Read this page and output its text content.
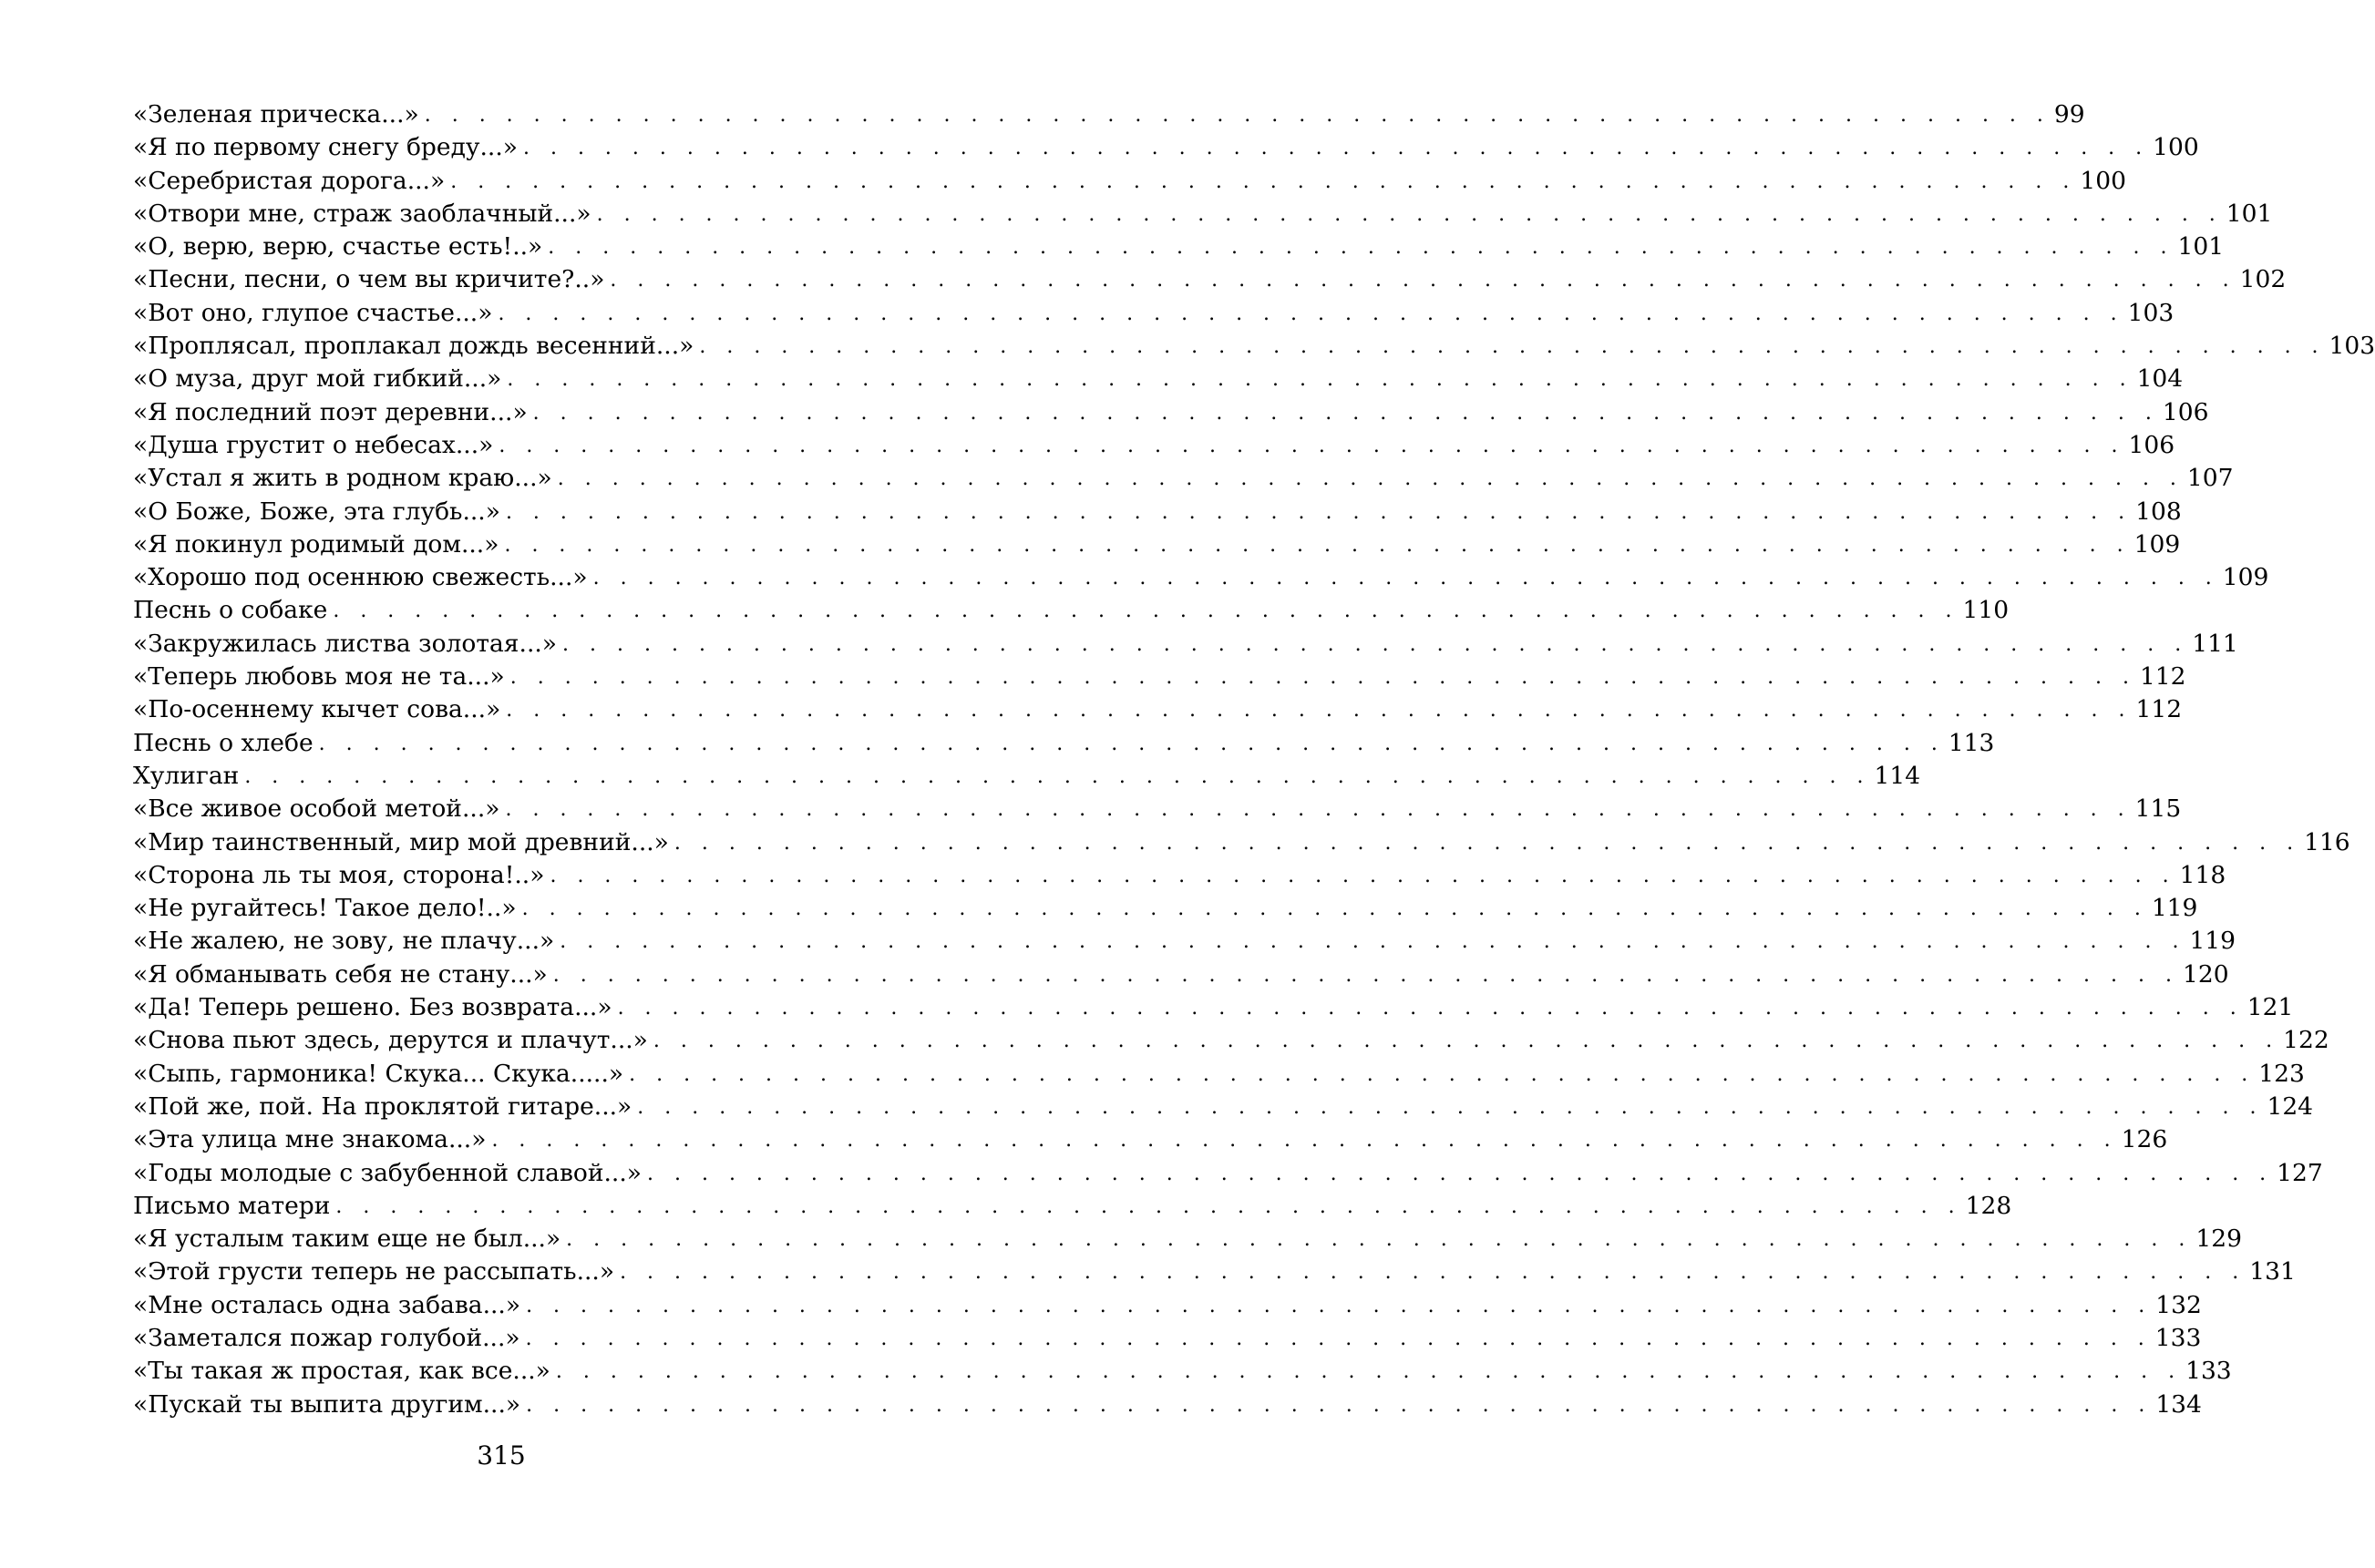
«Зеленая прическа...» . . . . . . . . . . . . . . . . . . . . . . . . . . . . . . . . . . . . . . . . . . . . . . . . . . . . . . . . . . . . 99
«Я по первому снегу бреду...» . . . . . . . . . . . . . . . . . . . . . . . . . . . . . . . . . . . . . . . . . . . . . . . . . . . . . . . . . . . . 100
«Серебристая дорога...» . . . . . . . . . . . . . . . . . . . . . . . . . . . . . . . . . . . . . . . . . . . . . . . . . . . . . . . . . . . . 100
«Отвори мне, страж заоблачный...» . . . . . . . . . . . . . . . . . . . . . . . . . . . . . . . . . . . . . . . . . . . . . . . . . . . . . . . . . . . . 101
«О, верю, верю, счастье есть!..» . . . . . . . . . . . . . . . . . . . . . . . . . . . . . . . . . . . . . . . . . . . . . . . . . . . . . . . . . . . . 101
«Песни, песни, о чем вы кричите?..» . . . . . . . . . . . . . . . . . . . . . . . . . . . . . . . . . . . . . . . . . . . . . . . . . . . . . . . . . . . . 102
«Вот оно, глупое счастье...» . . . . . . . . . . . . . . . . . . . . . . . . . . . . . . . . . . . . . . . . . . . . . . . . . . . . . . . . . . . . 103
«Проплясал, проплакал дождь весенний...» . . . . . . . . . . . . . . . . . . . . . . . . . . . . . . . . . . . . . . . . . . . . . . . . . . . . . . . . . . . . 103
«О муза, друг мой гибкий...» . . . . . . . . . . . . . . . . . . . . . . . . . . . . . . . . . . . . . . . . . . . . . . . . . . . . . . . . . . . . 104
«Я последний поэт деревни...» . . . . . . . . . . . . . . . . . . . . . . . . . . . . . . . . . . . . . . . . . . . . . . . . . . . . . . . . . . . . 106
«Душа грустит о небесах...» . . . . . . . . . . . . . . . . . . . . . . . . . . . . . . . . . . . . . . . . . . . . . . . . . . . . . . . . . . . . 106
«Устал я жить в родном краю...» . . . . . . . . . . . . . . . . . . . . . . . . . . . . . . . . . . . . . . . . . . . . . . . . . . . . . . . . . . . . 107
«О Боже, Боже, эта глубь...» . . . . . . . . . . . . . . . . . . . . . . . . . . . . . . . . . . . . . . . . . . . . . . . . . . . . . . . . . . . . 108
«Я покинул родимый дом...» . . . . . . . . . . . . . . . . . . . . . . . . . . . . . . . . . . . . . . . . . . . . . . . . . . . . . . . . . . . . 109
«Хорошо под осеннюю свежесть...» . . . . . . . . . . . . . . . . . . . . . . . . . . . . . . . . . . . . . . . . . . . . . . . . . . . . . . . . . . . . 109
Песнь о собаке . . . . . . . . . . . . . . . . . . . . . . . . . . . . . . . . . . . . . . . . . . . . . . . . . . . . . . . . . . . . 110
«Закружилась листва золотая...» . . . . . . . . . . . . . . . . . . . . . . . . . . . . . . . . . . . . . . . . . . . . . . . . . . . . . . . . . . . . 111
«Теперь любовь моя не та...» . . . . . . . . . . . . . . . . . . . . . . . . . . . . . . . . . . . . . . . . . . . . . . . . . . . . . . . . . . . . 112
«По-осеннему кычет сова...» . . . . . . . . . . . . . . . . . . . . . . . . . . . . . . . . . . . . . . . . . . . . . . . . . . . . . . . . . . . . 112
Песнь о хлебе . . . . . . . . . . . . . . . . . . . . . . . . . . . . . . . . . . . . . . . . . . . . . . . . . . . . . . . . . . . . 113
Хулиган . . . . . . . . . . . . . . . . . . . . . . . . . . . . . . . . . . . . . . . . . . . . . . . . . . . . . . . . . . . . 114
«Все живое особой метой...» . . . . . . . . . . . . . . . . . . . . . . . . . . . . . . . . . . . . . . . . . . . . . . . . . . . . . . . . . . . . 115
«Мир таинственный, мир мой древний...» . . . . . . . . . . . . . . . . . . . . . . . . . . . . . . . . . . . . . . . . . . . . . . . . . . . . . . . . . . . . 116
«Сторона ль ты моя, сторона!..» . . . . . . . . . . . . . . . . . . . . . . . . . . . . . . . . . . . . . . . . . . . . . . . . . . . . . . . . . . . . 118
«Не ругайтесь! Такое дело!..» . . . . . . . . . . . . . . . . . . . . . . . . . . . . . . . . . . . . . . . . . . . . . . . . . . . . . . . . . . . . 119
«Не жалею, не зову, не плачу...» . . . . . . . . . . . . . . . . . . . . . . . . . . . . . . . . . . . . . . . . . . . . . . . . . . . . . . . . . . . . 119
«Я обманывать себя не стану...» . . . . . . . . . . . . . . . . . . . . . . . . . . . . . . . . . . . . . . . . . . . . . . . . . . . . . . . . . . . . 120
«Да! Теперь решено. Без возврата...» . . . . . . . . . . . . . . . . . . . . . . . . . . . . . . . . . . . . . . . . . . . . . . . . . . . . . . . . . . . . 121
«Снова пьют здесь, дерутся и плачут...» . . . . . . . . . . . . . . . . . . . . . . . . . . . . . . . . . . . . . . . . . . . . . . . . . . . . . . . . . . . . 122
«Сыпь, гармоника! Скука... Скука.....» . . . . . . . . . . . . . . . . . . . . . . . . . . . . . . . . . . . . . . . . . . . . . . . . . . . . . . . . . . . . 123
«Пой же, пой. На проклятой гитаре...» . . . . . . . . . . . . . . . . . . . . . . . . . . . . . . . . . . . . . . . . . . . . . . . . . . . . . . . . . . . . 124
«Эта улица мне знакома...» . . . . . . . . . . . . . . . . . . . . . . . . . . . . . . . . . . . . . . . . . . . . . . . . . . . . . . . . . . . . 126
«Годы молодые с забубенной славой...» . . . . . . . . . . . . . . . . . . . . . . . . . . . . . . . . . . . . . . . . . . . . . . . . . . . . . . . . . . . . 127
Письмо матери . . . . . . . . . . . . . . . . . . . . . . . . . . . . . . . . . . . . . . . . . . . . . . . . . . . . . . . . . . . . 128
«Я усталым таким еще не был...» . . . . . . . . . . . . . . . . . . . . . . . . . . . . . . . . . . . . . . . . . . . . . . . . . . . . . . . . . . . . 129
«Этой грусти теперь не рассыпать...» . . . . . . . . . . . . . . . . . . . . . . . . . . . . . . . . . . . . . . . . . . . . . . . . . . . . . . . . . . . . 131
«Мне осталась одна забава...» . . . . . . . . . . . . . . . . . . . . . . . . . . . . . . . . . . . . . . . . . . . . . . . . . . . . . . . . . . . . 132
«Заметался пожар голубой...» . . . . . . . . . . . . . . . . . . . . . . . . . . . . . . . . . . . . . . . . . . . . . . . . . . . . . . . . . . . . 133
«Ты такая ж простая, как все...» . . . . . . . . . . . . . . . . . . . . . . . . . . . . . . . . . . . . . . . . . . . . . . . . . . . . . . . . . . . . 133
«Пускай ты выпита другим...» . . . . . . . . . . . . . . . . . . . . . . . . . . . . . . . . . . . . . . . . . . . . . . . . . . . . . . . . . . . . 134
315
